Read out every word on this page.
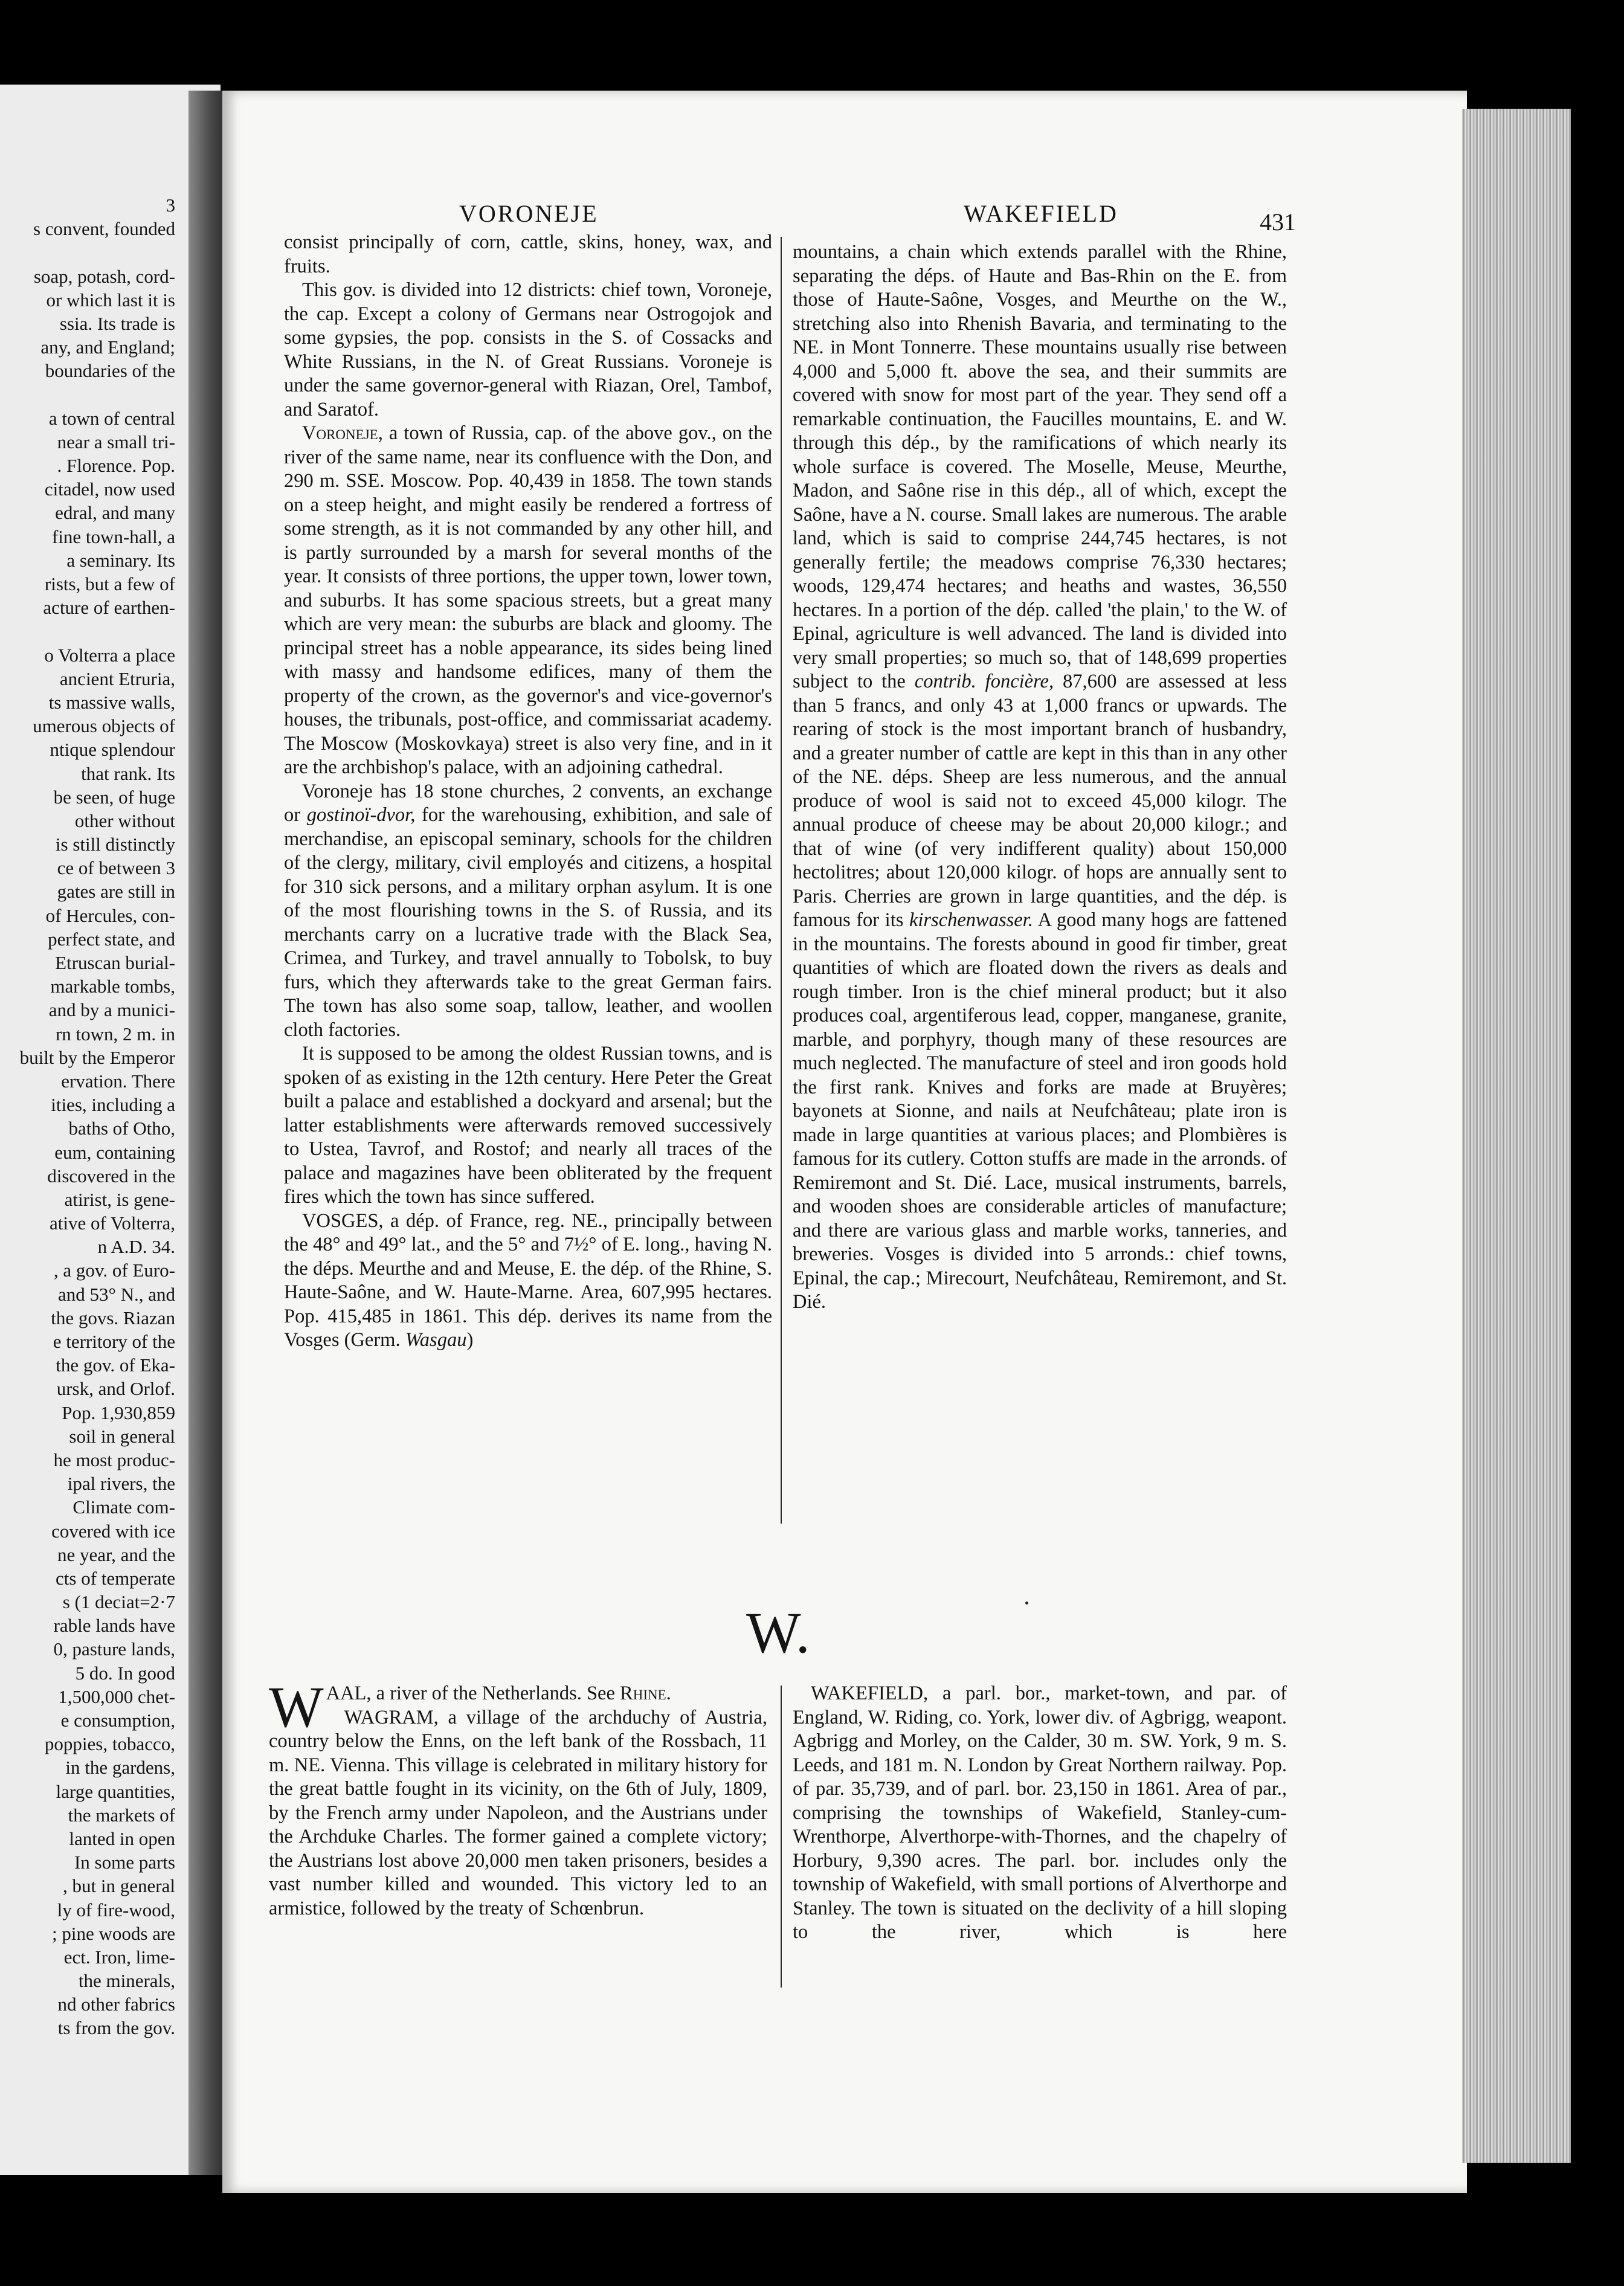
3
s convent, founded
soap, potash, cord-
or which last it is
ssia. Its trade is
any, and England;
boundaries of the
a town of central
near a small tri-
. Florence. Pop.
citadel, now used
edral, and many
fine town-hall, a
a seminary. Its
rists, but a few of
acture of earthen-
o Volterra a place
ancient Etruria,
ts massive walls,
umerous objects of
ntique splendour
that rank. Its
be seen, of huge
other without
is still distinctly
ce of between 3
gates are still in
of Hercules, con-
perfect state, and
Etruscan burial-
markable tombs,
and by a munici-
rn town, 2 m. in
built by the Emperor
ervation. There
ities, including a
baths of Otho,
eum, containing
discovered in the
atirist, is gene-
ative of Volterra,
n A.D. 34.
, a gov. of Euro-
and 53° N., and
the govs. Riazan
e territory of the
the gov. of Eka-
ursk, and Orlof.
Pop. 1,930,859
soil in general
he most produc-
ipal rivers, the
Climate com-
covered with ice
ne year, and the
cts of temperate
s (1 deciat=2·7
rable lands have
0, pasture lands,
5 do. In good
1,500,000 chet-
e consumption,
poppies, tobacco,
in the gardens,
large quantities,
the markets of
lanted in open
In some parts
, but in general
ly of fire-wood,
; pine woods are
ect. Iron, lime-
the minerals,
nd other fabrics
ts from the gov.
VORONEJE	WAKEFIELD	431

consist principally of corn, cattle, skins, honey, wax, and fruits.

This gov. is divided into 12 districts: chief town, Voroneje, the cap. Except a colony of Germans near Ostrogojok and some gypsies, the pop. consists in the S. of Cossacks and White Russians, in the N. of Great Russians. Voroneje is under the same governor-general with Riazan, Orel, Tambof, and Saratof.

Voroneje, a town of Russia, cap. of the above gov., on the river of the same name, near its confluence with the Don, and 290 m. SSE. Moscow. Pop. 40,439 in 1858. The town stands on a steep height, and might easily be rendered a fortress of some strength, as it is not commanded by any other hill, and is partly surrounded by a marsh for several months of the year. It consists of three portions, the upper town, lower town, and suburbs. It has some spacious streets, but a great many which are very mean: the suburbs are black and gloomy. The principal street has a noble appearance, its sides being lined with massy and handsome edifices, many of them the property of the crown, as the governor's and vice-governor's houses, the tribunals, post-office, and commissariat academy. The Moscow (Moskovkaya) street is also very fine, and in it are the archbishop's palace, with an adjoining cathedral.

Voroneje has 18 stone churches, 2 convents, an exchange or gostinoï-dvor, for the warehousing, exhibition, and sale of merchandise, an episcopal seminary, schools for the children of the clergy, military, civil employés and citizens, a hospital for 310 sick persons, and a military orphan asylum. It is one of the most flourishing towns in the S. of Russia, and its merchants carry on a lucrative trade with the Black Sea, Crimea, and Turkey, and travel annually to Tobolsk, to buy furs, which they afterwards take to the great German fairs. The town has also some soap, tallow, leather, and woollen cloth factories.

It is supposed to be among the oldest Russian towns, and is spoken of as existing in the 12th century. Here Peter the Great built a palace and established a dockyard and arsenal; but the latter establishments were afterwards removed successively to Ustea, Tavrof, and Rostof; and nearly all traces of the palace and magazines have been obliterated by the frequent fires which the town has since suffered.

VOSGES, a dép. of France, reg. NE., principally between the 48° and 49° lat., and the 5° and 7½° of E. long., having N. the déps. Meurthe and and Meuse, E. the dép. of the Rhine, S. Haute-Saône, and W. Haute-Marne. Area, 607,995 hectares. Pop. 415,485 in 1861. This dép. derives its name from the Vosges (Germ. Wasgau)

mountains, a chain which extends parallel with the Rhine, separating the déps. of Haute and Bas-Rhin on the E. from those of Haute-Saône, Vosges, and Meurthe on the W., stretching also into Rhenish Bavaria, and terminating to the NE. in Mont Tonnerre. These mountains usually rise between 4,000 and 5,000 ft. above the sea, and their summits are covered with snow for most part of the year. They send off a remarkable continuation, the Faucilles mountains, E. and W. through this dép., by the ramifications of which nearly its whole surface is covered. The Moselle, Meuse, Meurthe, Madon, and Saône rise in this dép., all of which, except the Saône, have a N. course. Small lakes are numerous. The arable land, which is said to comprise 244,745 hectares, is not generally fertile; the meadows comprise 76,330 hectares; woods, 129,474 hectares; and heaths and wastes, 36,550 hectares. In a portion of the dép. called 'the plain,' to the W. of Epinal, agriculture is well advanced. The land is divided into very small properties; so much so, that of 148,699 properties subject to the contrib. foncière, 87,600 are assessed at less than 5 francs, and only 43 at 1,000 francs or upwards. The rearing of stock is the most important branch of husbandry, and a greater number of cattle are kept in this than in any other of the NE. déps. Sheep are less numerous, and the annual produce of wool is said not to exceed 45,000 kilogr. The annual produce of cheese may be about 20,000 kilogr.; and that of wine (of very indifferent quality) about 150,000 hectolitres; about 120,000 kilogr. of hops are annually sent to Paris. Cherries are grown in large quantities, and the dép. is famous for its kirschenwasser. A good many hogs are fattened in the mountains. The forests abound in good fir timber, great quantities of which are floated down the rivers as deals and rough timber. Iron is the chief mineral product; but it also produces coal, argentiferous lead, copper, manganese, granite, marble, and porphyry, though many of these resources are much neglected. The manufacture of steel and iron goods hold the first rank. Knives and forks are made at Bruyères; bayonets at Sionne, and nails at Neufchâteau; plate iron is made in large quantities at various places; and Plombières is famous for its cutlery. Cotton stuffs are made in the arronds. of Remiremont and St. Dié. Lace, musical instruments, barrels, and wooden shoes are considerable articles of manufacture; and there are various glass and marble works, tanneries, and breweries. Vosges is divided into 5 arronds.: chief towns, Epinal, the cap.; Mirecourt, Neufchâteau, Remiremont, and St. Dié.

W.

WAAL, a river of the Netherlands. See Rhine.

WAGRAM, a village of the archduchy of Austria, country below the Enns, on the left bank of the Rossbach, 11 m. NE. Vienna. This village is celebrated in military history for the great battle fought in its vicinity, on the 6th of July, 1809, by the French army under Napoleon, and the Austrians under the Archduke Charles. The former gained a complete victory; the Austrians lost above 20,000 men taken prisoners, besides a vast number killed and wounded. This victory led to an armistice, followed by the treaty of Schœnbrun.

WAKEFIELD, a parl. bor., market-town, and par. of England, W. Riding, co. York, lower div. of Agbrigg, weapont. Agbrigg and Morley, on the Calder, 30 m. SW. York, 9 m. S. Leeds, and 181 m. N. London by Great Northern railway. Pop. of par. 35,739, and of parl. bor. 23,150 in 1861. Area of par., comprising the townships of Wakefield, Stanley-cum-Wrenthorpe, Alverthorpe-with-Thornes, and the chapelry of Horbury, 9,390 acres. The parl. bor. includes only the township of Wakefield, with small portions of Alverthorpe and Stanley. The town is situated on the declivity of a hill sloping to the river, which is here
